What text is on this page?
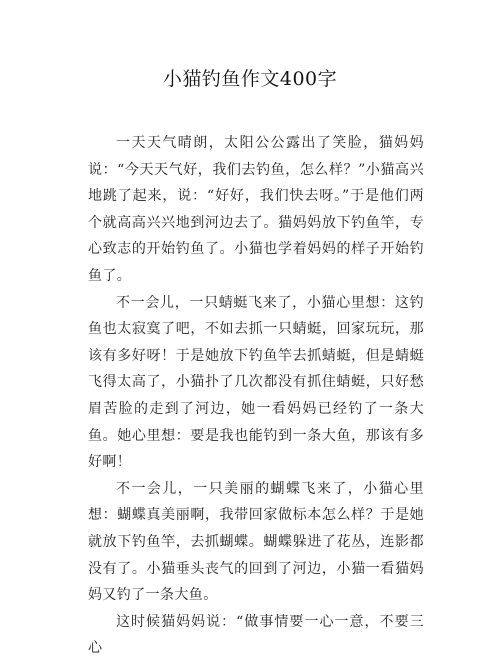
小猫钓鱼作文400字

一天天气晴朗，太阳公公露出了笑脸，猫妈妈说：“今天天气好，我们去钓鱼，怎么样？”小猫高兴地跳了起来，说：“好好，我们快去呀。”于是他们两个就高高兴兴地到河边去了。猫妈妈放下钓鱼竿，专心致志的开始钓鱼了。小猫也学着妈妈的样子开始钓鱼了。

不一会儿，一只蜻蜓飞来了，小猫心里想：这钓鱼也太寂寞了吧，不如去抓一只蜻蜓，回家玩玩，那该有多好呀！于是她放下钓鱼竿去抓蜻蜓，但是蜻蜓飞得太高了，小猫扑了几次都没有抓住蜻蜓，只好愁眉苦脸的走到了河边，她一看妈妈已经钓了一条大鱼。她心里想：要是我也能钓到一条大鱼，那该有多好啊！

不一会儿，一只美丽的蝴蝶飞来了，小猫心里想：蝴蝶真美丽啊，我带回家做标本怎么样？于是她就放下钓鱼竿，去抓蝴蝶。蝴蝶躲进了花丛，连影都没有了。小猫垂头丧气的回到了河边，小猫一看猫妈妈又钓了一条大鱼。

这时候猫妈妈说：“做事情要一心一意，不要三心
